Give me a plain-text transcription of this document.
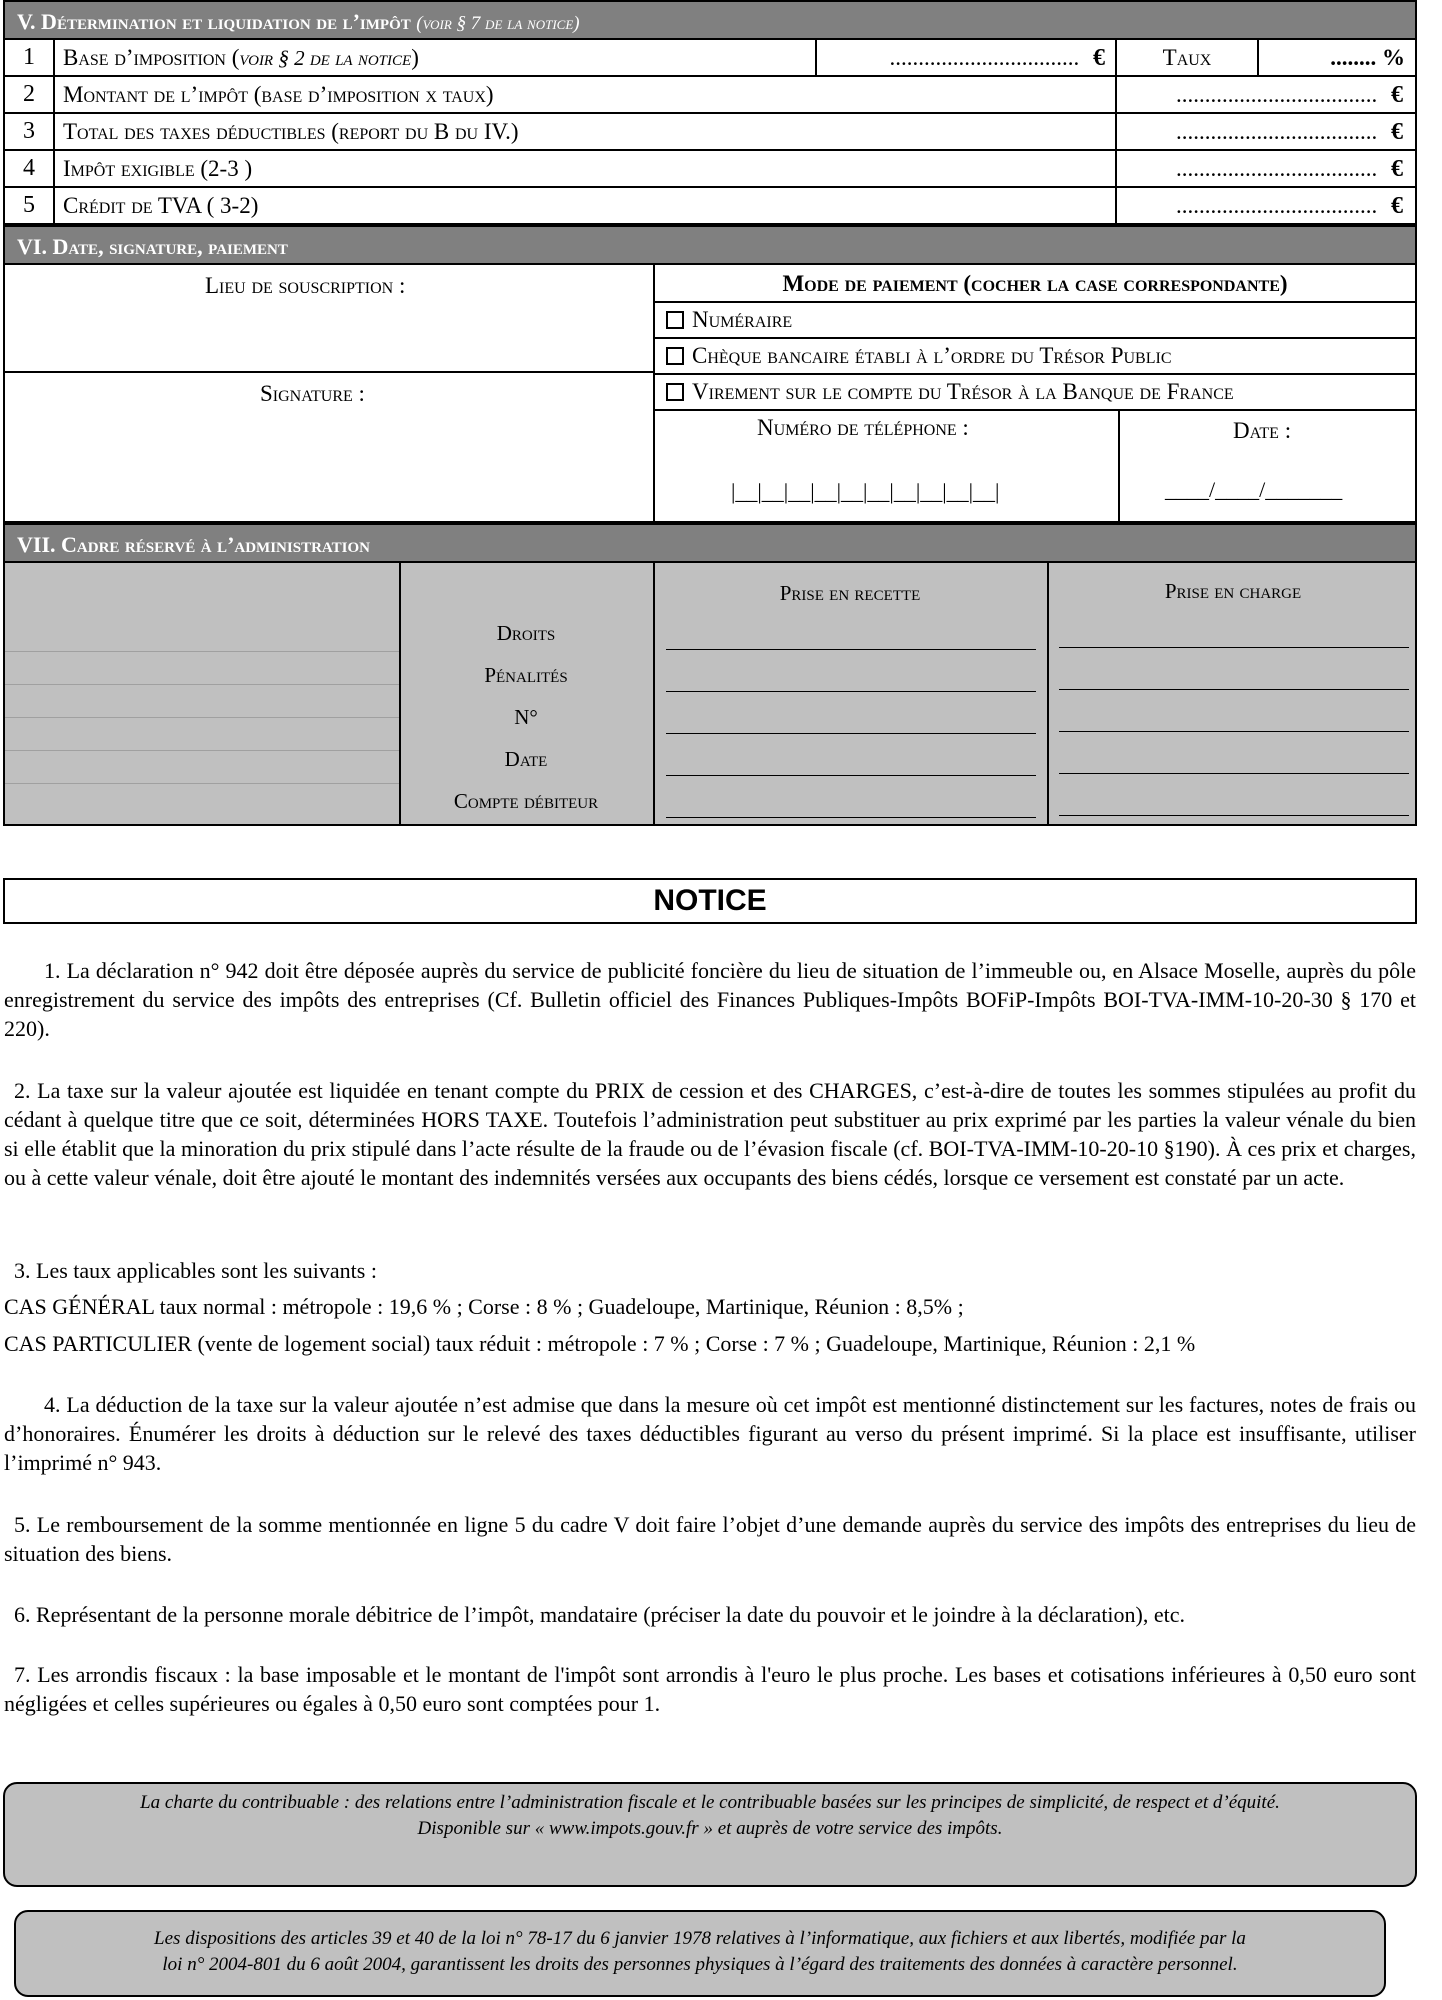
V. Détermination et liquidation de l’impôt (voir § 7 de la notice)
1	Base d’imposition (voir § 2 de la notice)	................................. €	Taux	........ %
2	Montant de l’impôt (base d’imposition x taux)	................................... €
3	Total des taxes déductibles (report du B du IV.)	................................... €
4	Impôt exigible (2-3 )	................................... €
5	Crédit de TVA ( 3-2)	................................... €
VI. Date, signature, paiement
Lieu de souscription :
Signature :
Mode de paiement (cocher la case correspondante)
Numéraire
Chèque bancaire établi à l’ordre du Trésor Public
Virement sur le compte du Trésor à la Banque de France
Numéro de téléphone :
|__|__|__|__|__|__|__|__|__|__|
Date :
____/____/_______
VII. Cadre réservé à l’administration
Prise en recette	Prise en charge
Droits
Pénalités
N°
Date
Compte débiteur
NOTICE
1. La déclaration n° 942 doit être déposée auprès du service de publicité foncière du lieu de situation de l’immeuble ou, en Alsace Moselle, auprès du pôle enregistrement du service des impôts des entreprises (Cf. Bulletin officiel des Finances Publiques-Impôts BOFiP-Impôts BOI-TVA-IMM-10-20-30 § 170 et 220).
2. La taxe sur la valeur ajoutée est liquidée en tenant compte du PRIX de cession et des CHARGES, c’est-à-dire de toutes les sommes stipulées au profit du cédant à quelque titre que ce soit, déterminées HORS TAXE. Toutefois l’administration peut substituer au prix exprimé par les parties la valeur vénale du bien si elle établit que la minoration du prix stipulé dans l’acte résulte de la fraude ou de l’évasion fiscale (cf. BOI-TVA-IMM-10-20-10 §190). À ces prix et charges, ou à cette valeur vénale, doit être ajouté le montant des indemnités versées aux occupants des biens cédés, lorsque ce versement est constaté par un acte.
3. Les taux applicables sont les suivants :
CAS GÉNÉRAL taux normal : métropole : 19,6 % ; Corse : 8 % ; Guadeloupe, Martinique, Réunion : 8,5% ;
CAS PARTICULIER (vente de logement social) taux réduit : métropole : 7 % ; Corse : 7 % ; Guadeloupe, Martinique, Réunion : 2,1 %
4. La déduction de la taxe sur la valeur ajoutée n’est admise que dans la mesure où cet impôt est mentionné distinctement sur les factures, notes de frais ou d’honoraires. Énumérer les droits à déduction sur le relevé des taxes déductibles figurant au verso du présent imprimé. Si la place est insuffisante, utiliser l’imprimé n° 943.
5. Le remboursement de la somme mentionnée en ligne 5 du cadre V doit faire l’objet d’une demande auprès du service des impôts des entreprises du lieu de situation des biens.
6. Représentant de la personne morale débitrice de l’impôt, mandataire (préciser la date du pouvoir et le joindre à la déclaration), etc.
7. Les arrondis fiscaux : la base imposable et le montant de l'impôt sont arrondis à l'euro le plus proche. Les bases et cotisations inférieures à 0,50 euro sont négligées et celles supérieures ou égales à 0,50 euro sont comptées pour 1.
La charte du contribuable : des relations entre l’administration fiscale et le contribuable basées sur les principes de simplicité, de respect et d’équité.
Disponible sur « www.impots.gouv.fr » et auprès de votre service des impôts.
Les dispositions des articles 39 et 40 de la loi n° 78-17 du 6 janvier 1978 relatives à l’informatique, aux fichiers et aux libertés, modifiée par la
loi n° 2004-801 du 6 août 2004, garantissent les droits des personnes physiques à l’égard des traitements des données à caractère personnel.
